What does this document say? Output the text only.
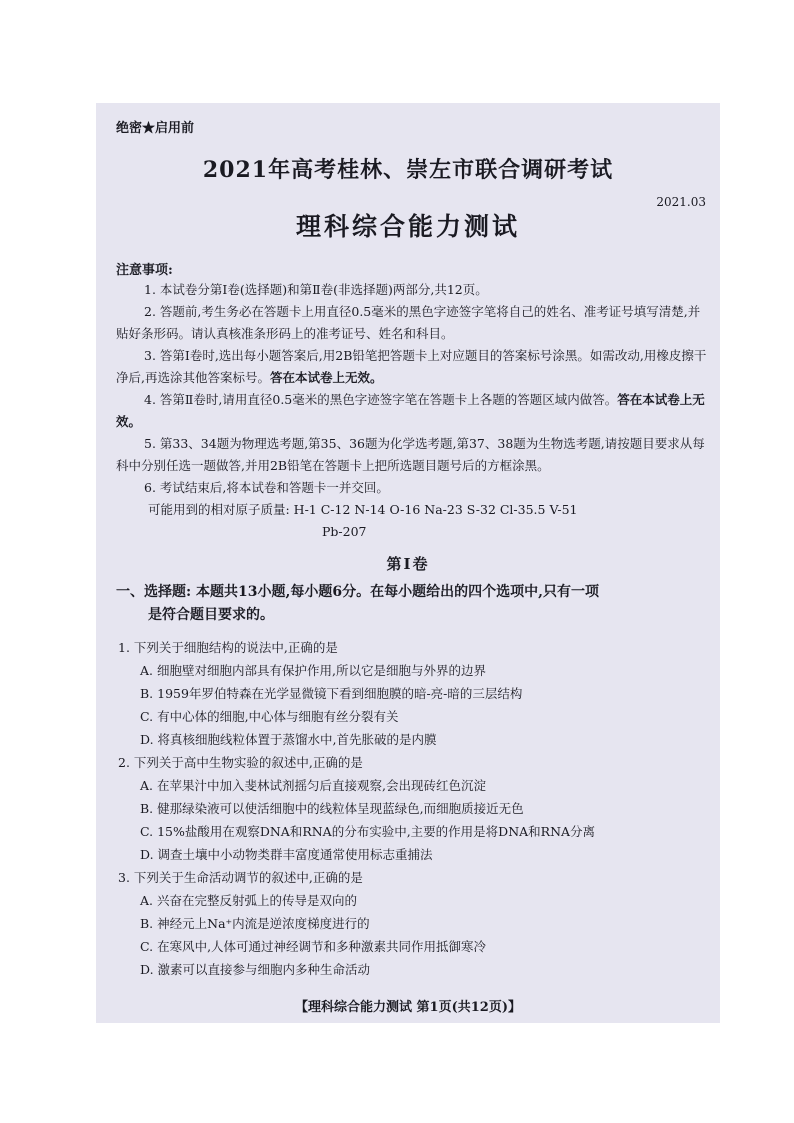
绝密★启用前
2021年高考桂林、崇左市联合调研考试
2021.03
理科综合能力测试
注意事项:

1. 本试卷分第Ⅰ卷(选择题)和第Ⅱ卷(非选择题)两部分,共12页。

2. 答题前,考生务必在答题卡上用直径0.5毫米的黑色字迹签字笔将自己的姓名、准考证号填写清楚,并贴好条形码。请认真核准条形码上的准考证号、姓名和科目。

3. 答第Ⅰ卷时,选出每小题答案后,用2B铅笔把答题卡上对应题目的答案标号涂黑。如需改动,用橡皮擦干净后,再选涂其他答案标号。答在本试卷上无效。

4. 答第Ⅱ卷时,请用直径0.5毫米的黑色字迹签字笔在答题卡上各题的答题区域内做答。答在本试卷上无效。

5. 第33、34题为物理选考题,第35、36题为化学选考题,第37、38题为生物选考题,请按题目要求从每科中分别任选一题做答,并用2B铅笔在答题卡上把所选题目题号后的方框涂黑。

6. 考试结束后,将本试卷和答题卡一并交回。

可能用到的相对原子质量: H-1 C-12 N-14 O-16 Na-23 S-32 Cl-35.5 V-51

Pb-207

第Ⅰ卷
一、选择题: 本题共13小题,每小题6分。在每小题给出的四个选项中,只有一项
是符合题目要求的。

1. 下列关于细胞结构的说法中,正确的是

A. 细胞壁对细胞内部具有保护作用,所以它是细胞与外界的边界

B. 1959年罗伯特森在光学显微镜下看到细胞膜的暗-亮-暗的三层结构

C. 有中心体的细胞,中心体与细胞有丝分裂有关

D. 将真核细胞线粒体置于蒸馏水中,首先胀破的是内膜

2. 下列关于高中生物实验的叙述中,正确的是

A. 在苹果汁中加入斐林试剂摇匀后直接观察,会出现砖红色沉淀

B. 健那绿染液可以使活细胞中的线粒体呈现蓝绿色,而细胞质接近无色

C. 15%盐酸用在观察DNA和RNA的分布实验中,主要的作用是将DNA和RNA分离

D. 调查土壤中小动物类群丰富度通常使用标志重捕法

3. 下列关于生命活动调节的叙述中,正确的是

A. 兴奋在完整反射弧上的传导是双向的

B. 神经元上Na⁺内流是逆浓度梯度进行的

C. 在寒风中,人体可通过神经调节和多种激素共同作用抵御寒冷

D. 激素可以直接参与细胞内多种生命活动

【理科综合能力测试 第1页(共12页)】
